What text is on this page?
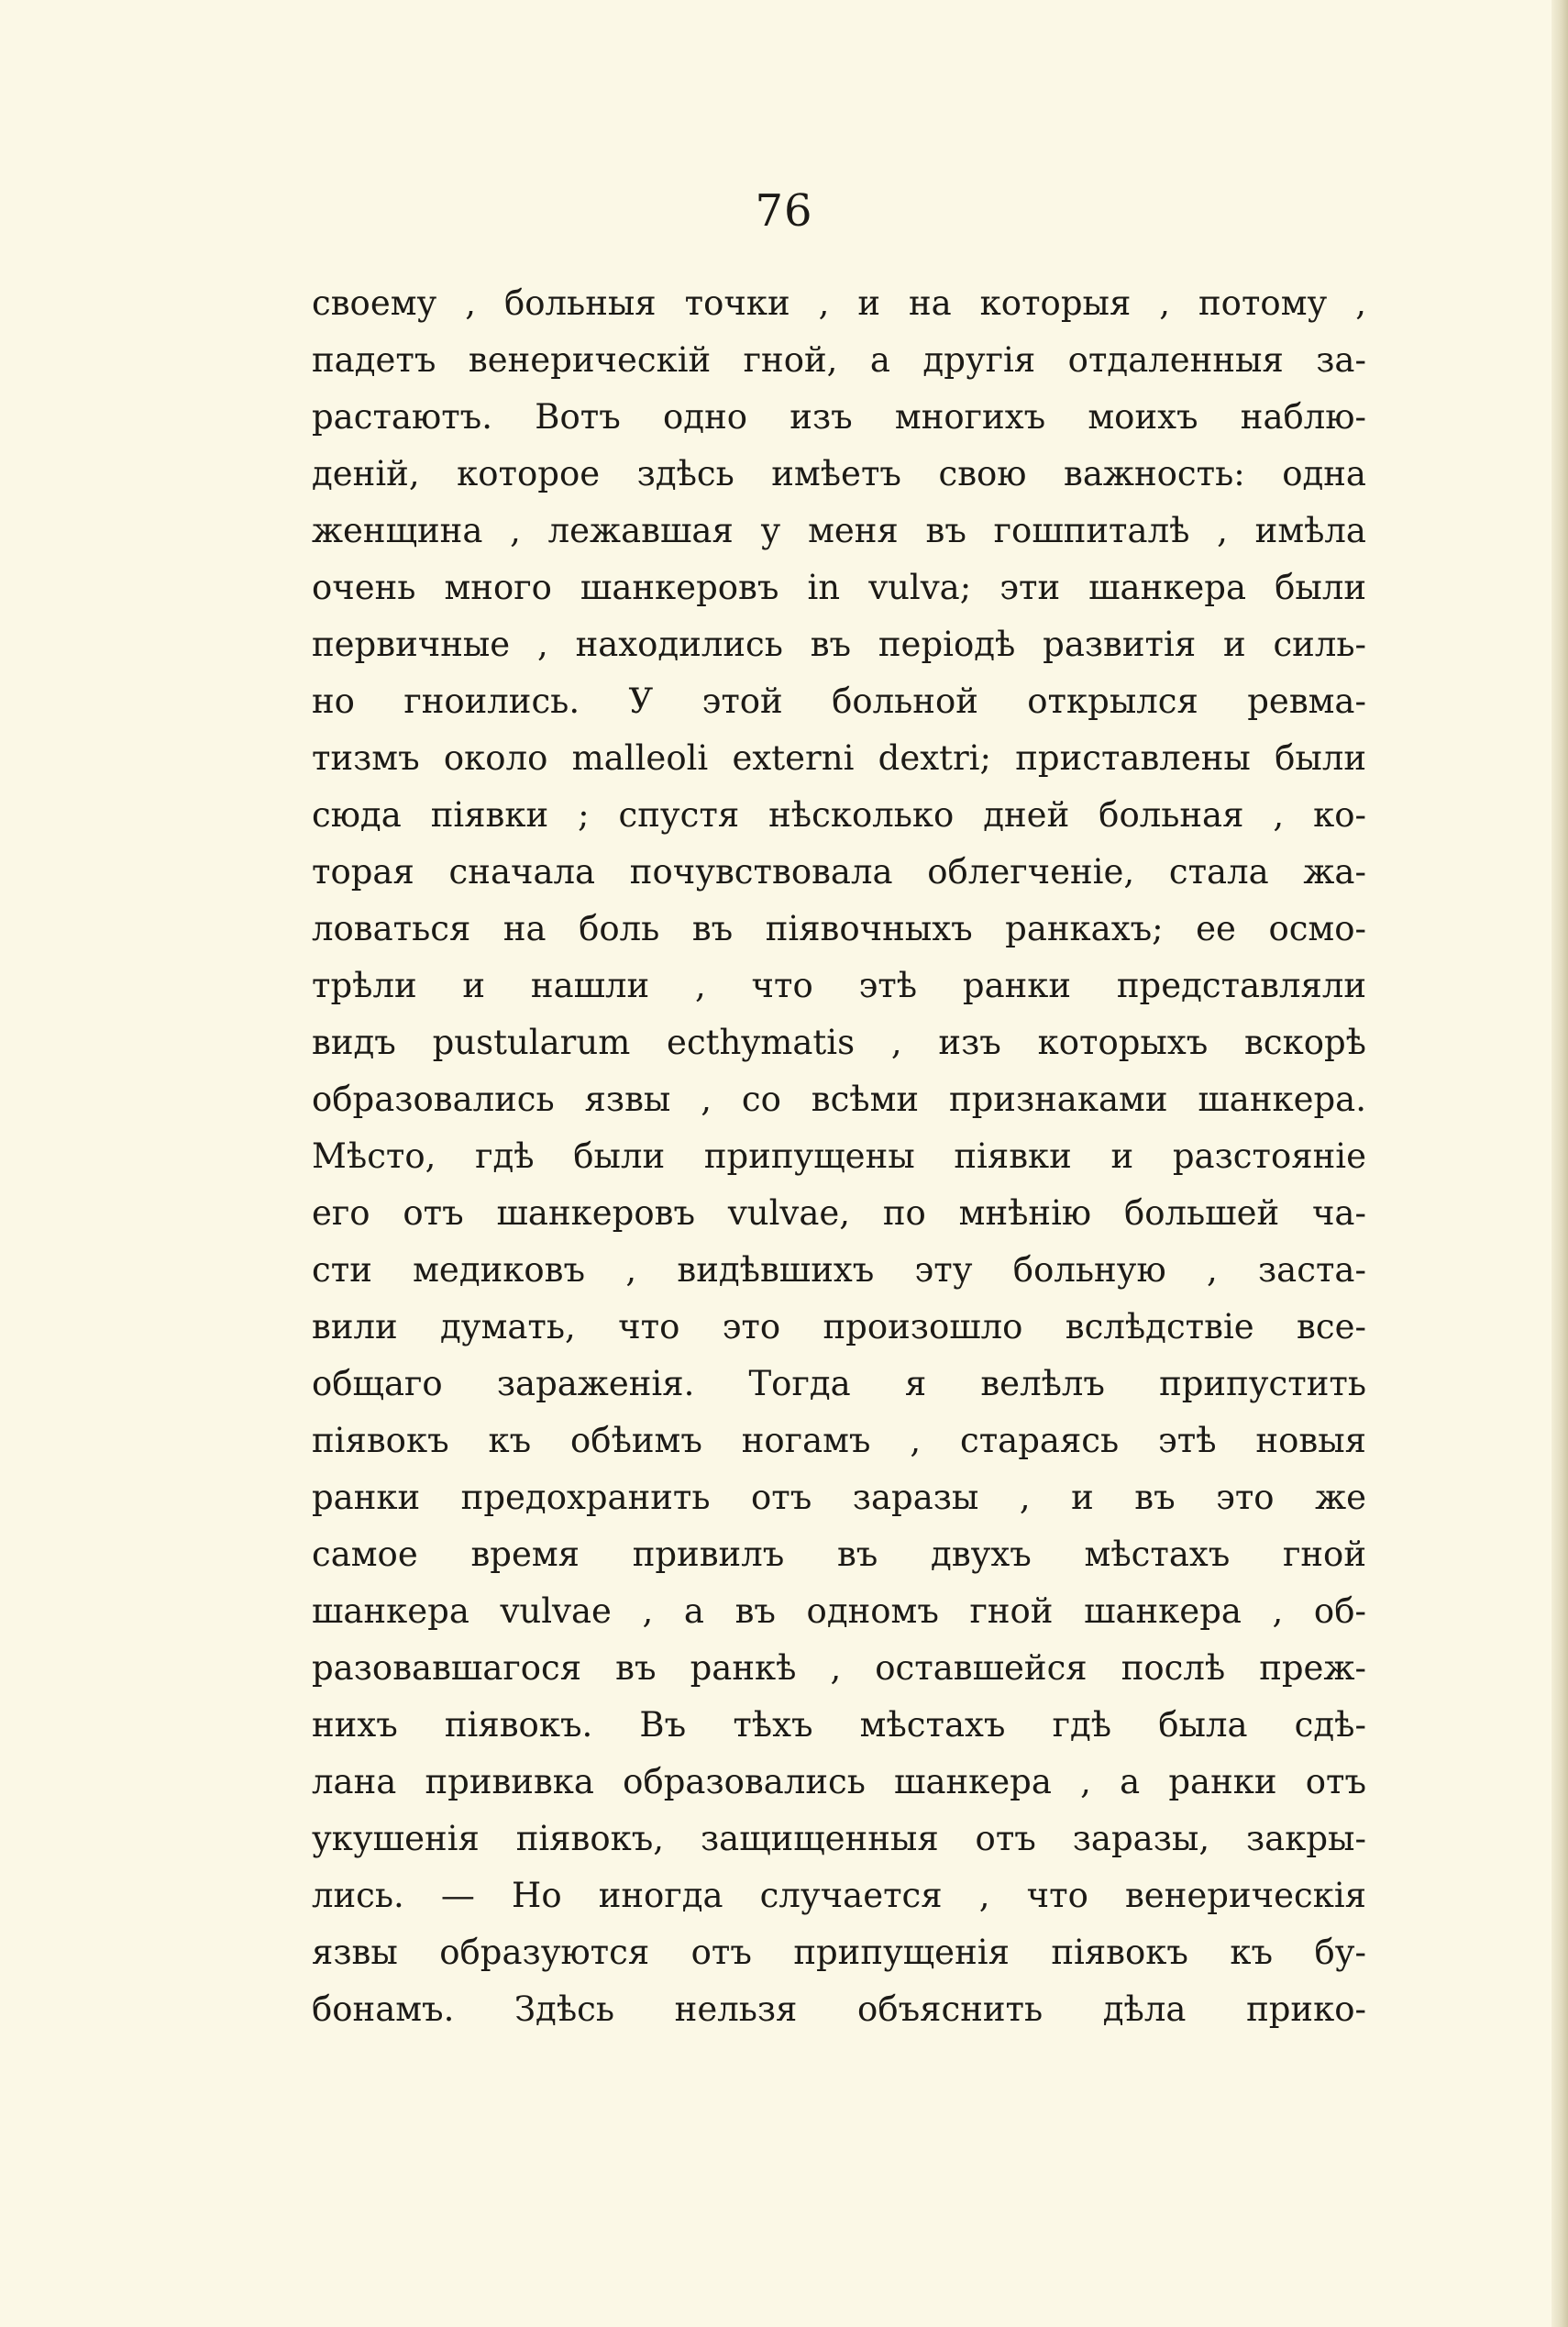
76
своему , больныя точки , и на которыя , потому ,
падетъ венерическій гной, а другія отдаленныя за-
растаютъ. Вотъ одно изъ многихъ моихъ наблю-
деній, которое здѣсь имѣетъ свою важность: одна
женщина , лежавшая у меня въ гошпиталѣ , имѣла
очень много шанкеровъ in vulva; эти шанкера были
первичные , находились въ періодѣ развитія и силь-
но гноились. У этой больной открылся ревма-
тизмъ около malleoli externi dextri; приставлены были
сюда піявки ; спустя нѣсколько дней больная , ко-
торая сначала почувствовала облегченіе, стала жа-
ловаться на боль въ піявочныхъ ранкахъ; ее осмо-
трѣли и нашли , что этѣ ранки представляли
видъ pustularum ecthymatis , изъ которыхъ вскорѣ
образовались язвы , со всѣми признаками шанкера.
Мѣсто, гдѣ были припущены піявки и разстояніе
его отъ шанкеровъ vulvae, по мнѣнію большей ча-
сти медиковъ , видѣвшихъ эту больную , заста-
вили думать, что это произошло вслѣдствіе все-
общаго зараженія. Тогда я велѣлъ припустить
піявокъ къ обѣимъ ногамъ , стараясь этѣ новыя
ранки предохранить отъ заразы , и въ это же
самое время привилъ въ двухъ мѣстахъ гной
шанкера vulvae , а въ одномъ гной шанкера , об-
разовавшагося въ ранкѣ , оставшейся послѣ преж-
нихъ піявокъ. Въ тѣхъ мѣстахъ гдѣ была сдѣ-
лана прививка образовались шанкера , а ранки отъ
укушенія піявокъ, защищенныя отъ заразы, закры-
лись. — Но иногда случается , что венерическія
язвы образуются отъ припущенія піявокъ къ бу-
бонамъ. Здѣсь нельзя объяснить дѣла прико-
